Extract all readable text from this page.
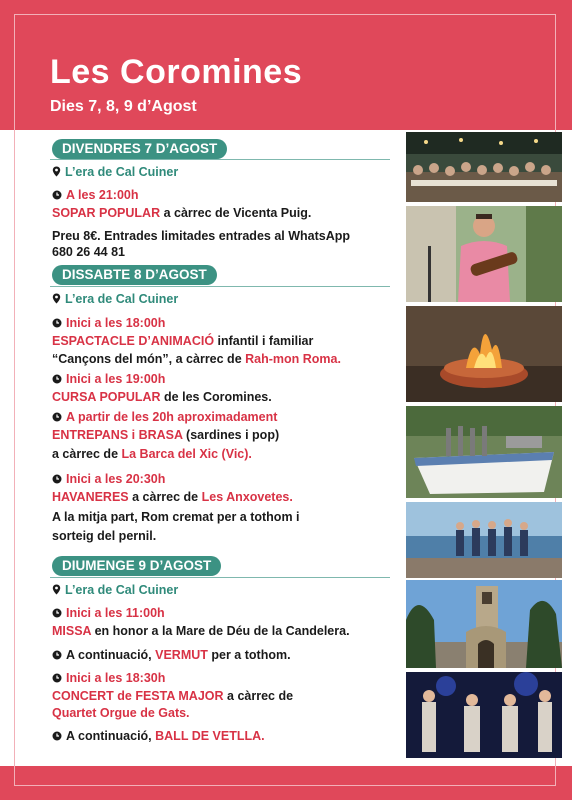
Les Coromines
Dies 7, 8, 9 d’Agost
DIVENDRES 7 D’AGOST
L’era de Cal Cuiner
A les 21:00h
SOPAR POPULAR a càrrec de Vicenta Puig.
Preu 8€. Entrades limitades entrades al WhatsApp
680 26 44 81
DISSABTE 8 D’AGOST
L’era de Cal Cuiner
Inici a les 18:00h
ESPACTACLE D’ANIMACIÓ infantil i familiar
“Cançons del món”, a càrrec de Rah-mon Roma.
Inici a les 19:00h
CURSA POPULAR de les Coromines.
A partir de les 20h aproximadament
ENTREPANS i BRASA (sardines i pop)
a càrrec de La Barca del Xic (Vic).
Inici a les 20:30h
HAVANERES a càrrec de Les Anxovetes.
A la mitja part, Rom cremat per a tothom i
sorteig del pernil.
DIUMENGE 9 D’AGOST
L’era de Cal Cuiner
Inici a les 11:00h
MISSA en honor a la Mare de Déu de la Candelera.
A continuació, VERMUT per a tothom.
Inici a les 18:30h
CONCERT de FESTA MAJOR a càrrec de
Quartet Orgue de Gats.
A continuació, BALL DE VETLLA.
